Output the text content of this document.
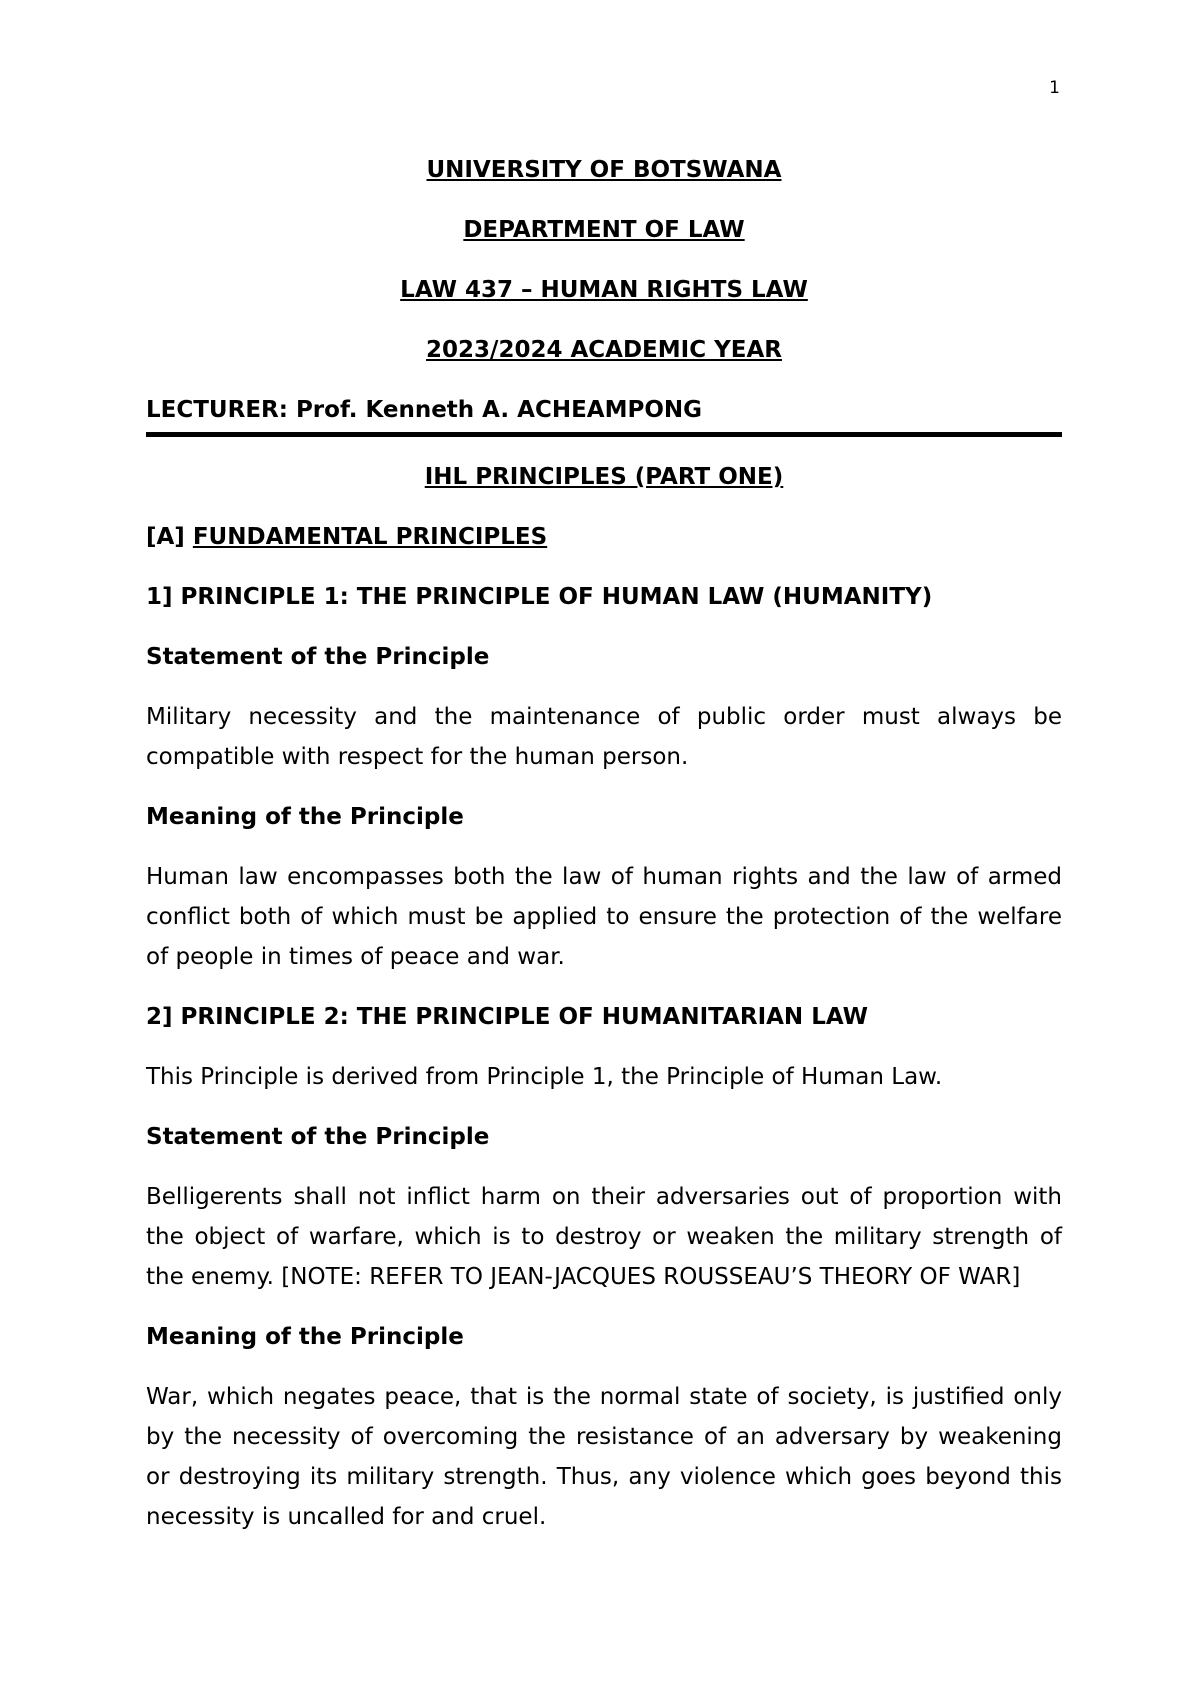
1

UNIVERSITY OF BOTSWANA

DEPARTMENT OF LAW

LAW 437 – HUMAN RIGHTS LAW

2023/2024 ACADEMIC YEAR

LECTURER: Prof. Kenneth A. ACHEAMPONG

IHL PRINCIPLES (PART ONE)

[A] FUNDAMENTAL PRINCIPLES

1] PRINCIPLE 1: THE PRINCIPLE OF HUMAN LAW (HUMANITY)

Statement of the Principle

Military necessity and the maintenance of public order must always be compatible with respect for the human person.

Meaning of the Principle

Human law encompasses both the law of human rights and the law of armed conflict both of which must be applied to ensure the protection of the welfare of people in times of peace and war.

2] PRINCIPLE 2: THE PRINCIPLE OF HUMANITARIAN LAW

This Principle is derived from Principle 1, the Principle of Human Law.

Statement of the Principle

Belligerents shall not inflict harm on their adversaries out of proportion with the object of warfare, which is to destroy or weaken the military strength of the enemy. [NOTE: REFER TO JEAN-JACQUES ROUSSEAU’S THEORY OF WAR]

Meaning of the Principle

War, which negates peace, that is the normal state of society, is justified only by the necessity of overcoming the resistance of an adversary by weakening or destroying its military strength. Thus, any violence which goes beyond this necessity is uncalled for and cruel.
